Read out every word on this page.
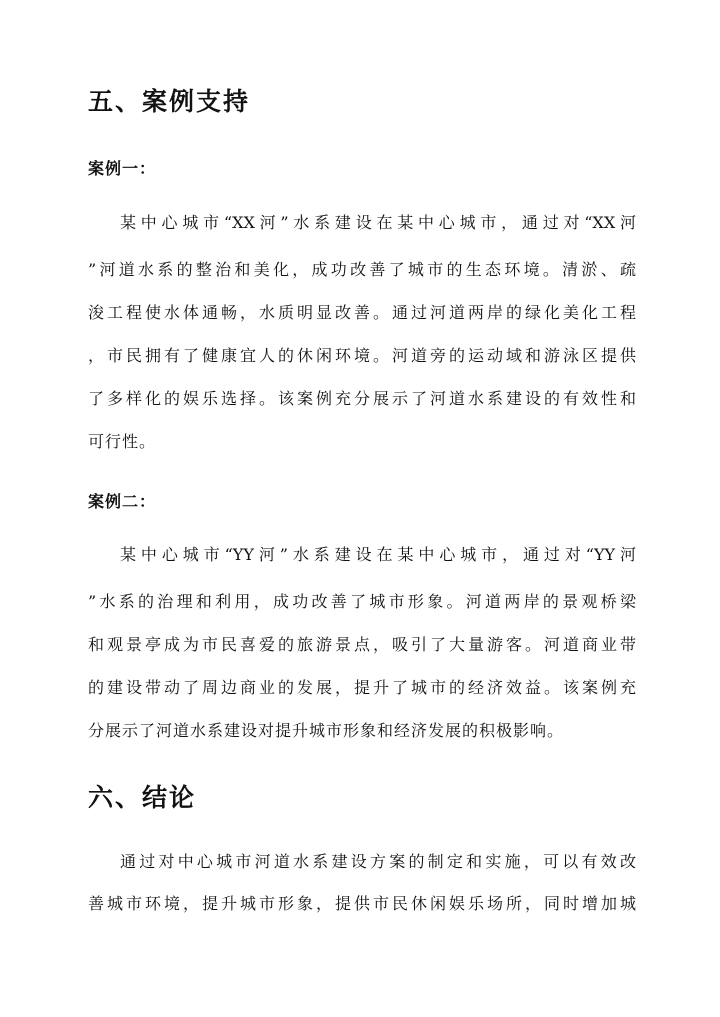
五、案例支持
案例一：
某中心城市“XX河”水系建设在某中心城市，通过对“XX河
”河道水系的整治和美化，成功改善了城市的生态环境。清淤、疏
浚工程使水体通畅，水质明显改善。通过河道两岸的绿化美化工程
，市民拥有了健康宜人的休闲环境。河道旁的运动域和游泳区提供
了多样化的娱乐选择。该案例充分展示了河道水系建设的有效性和
可行性。
案例二：
某中心城市“YY河”水系建设在某中心城市，通过对“YY河
”水系的治理和利用，成功改善了城市形象。河道两岸的景观桥梁
和观景亭成为市民喜爱的旅游景点，吸引了大量游客。河道商业带
的建设带动了周边商业的发展，提升了城市的经济效益。该案例充
分展示了河道水系建设对提升城市形象和经济发展的积极影响。
六、结论
通过对中心城市河道水系建设方案的制定和实施，可以有效改
善城市环境，提升城市形象，提供市民休闲娱乐场所，同时增加城
